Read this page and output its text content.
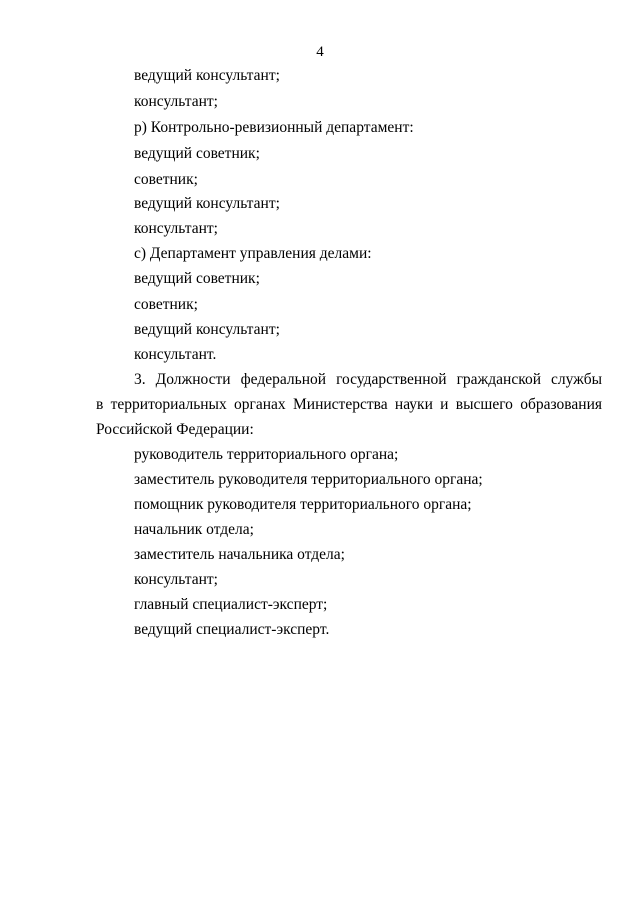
4
ведущий консультант;
консультант;
р) Контрольно-ревизионный департамент:
ведущий советник;
советник;
ведущий консультант;
консультант;
с) Департамент управления делами:
ведущий советник;
советник;
ведущий консультант;
консультант.
3. Должности федеральной государственной гражданской службы
в территориальных органах Министерства науки и высшего образования
Российской Федерации:
руководитель территориального органа;
заместитель руководителя территориального органа;
помощник руководителя территориального органа;
начальник отдела;
заместитель начальника отдела;
консультант;
главный специалист-эксперт;
ведущий специалист-эксперт.
